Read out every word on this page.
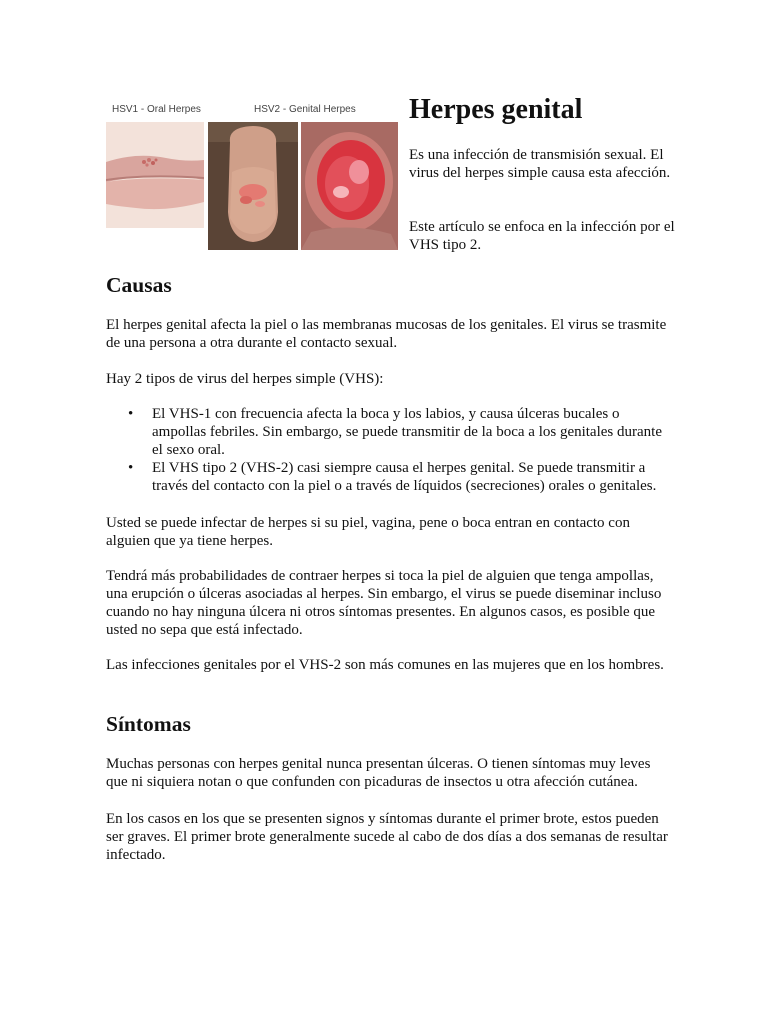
HSV1 - Oral Herpes	HSV2 - Genital Herpes Herpes genital

Es una infección de transmisión sexual. El virus del herpes simple causa esta afección.

Este artículo se enfoca en la infección por el VHS tipo 2.

Causas

El herpes genital afecta la piel o las membranas mucosas de los genitales. El virus se trasmite de una persona a otra durante el contacto sexual.

Hay 2 tipos de virus del herpes simple (VHS):

• El VHS-1 con frecuencia afecta la boca y los labios, y causa úlceras bucales o ampollas febriles. Sin embargo, se puede transmitir de la boca a los genitales durante el sexo oral.
• El VHS tipo 2 (VHS-2) casi siempre causa el herpes genital. Se puede transmitir a través del contacto con la piel o a través de líquidos (secreciones) orales o genitales.

Usted se puede infectar de herpes si su piel, vagina, pene o boca entran en contacto con alguien que ya tiene herpes.

Tendrá más probabilidades de contraer herpes si toca la piel de alguien que tenga ampollas, una erupción o úlceras asociadas al herpes. Sin embargo, el virus se puede diseminar incluso cuando no hay ninguna úlcera ni otros síntomas presentes. En algunos casos, es posible que usted no sepa que está infectado.

Las infecciones genitales por el VHS-2 son más comunes en las mujeres que en los hombres.

Síntomas

Muchas personas con herpes genital nunca presentan úlceras. O tienen síntomas muy leves que ni siquiera notan o que confunden con picaduras de insectos u otra afección cutánea.

En los casos en los que se presenten signos y síntomas durante el primer brote, estos pueden ser graves. El primer brote generalmente sucede al cabo de dos días a dos semanas de resultar infectado.
